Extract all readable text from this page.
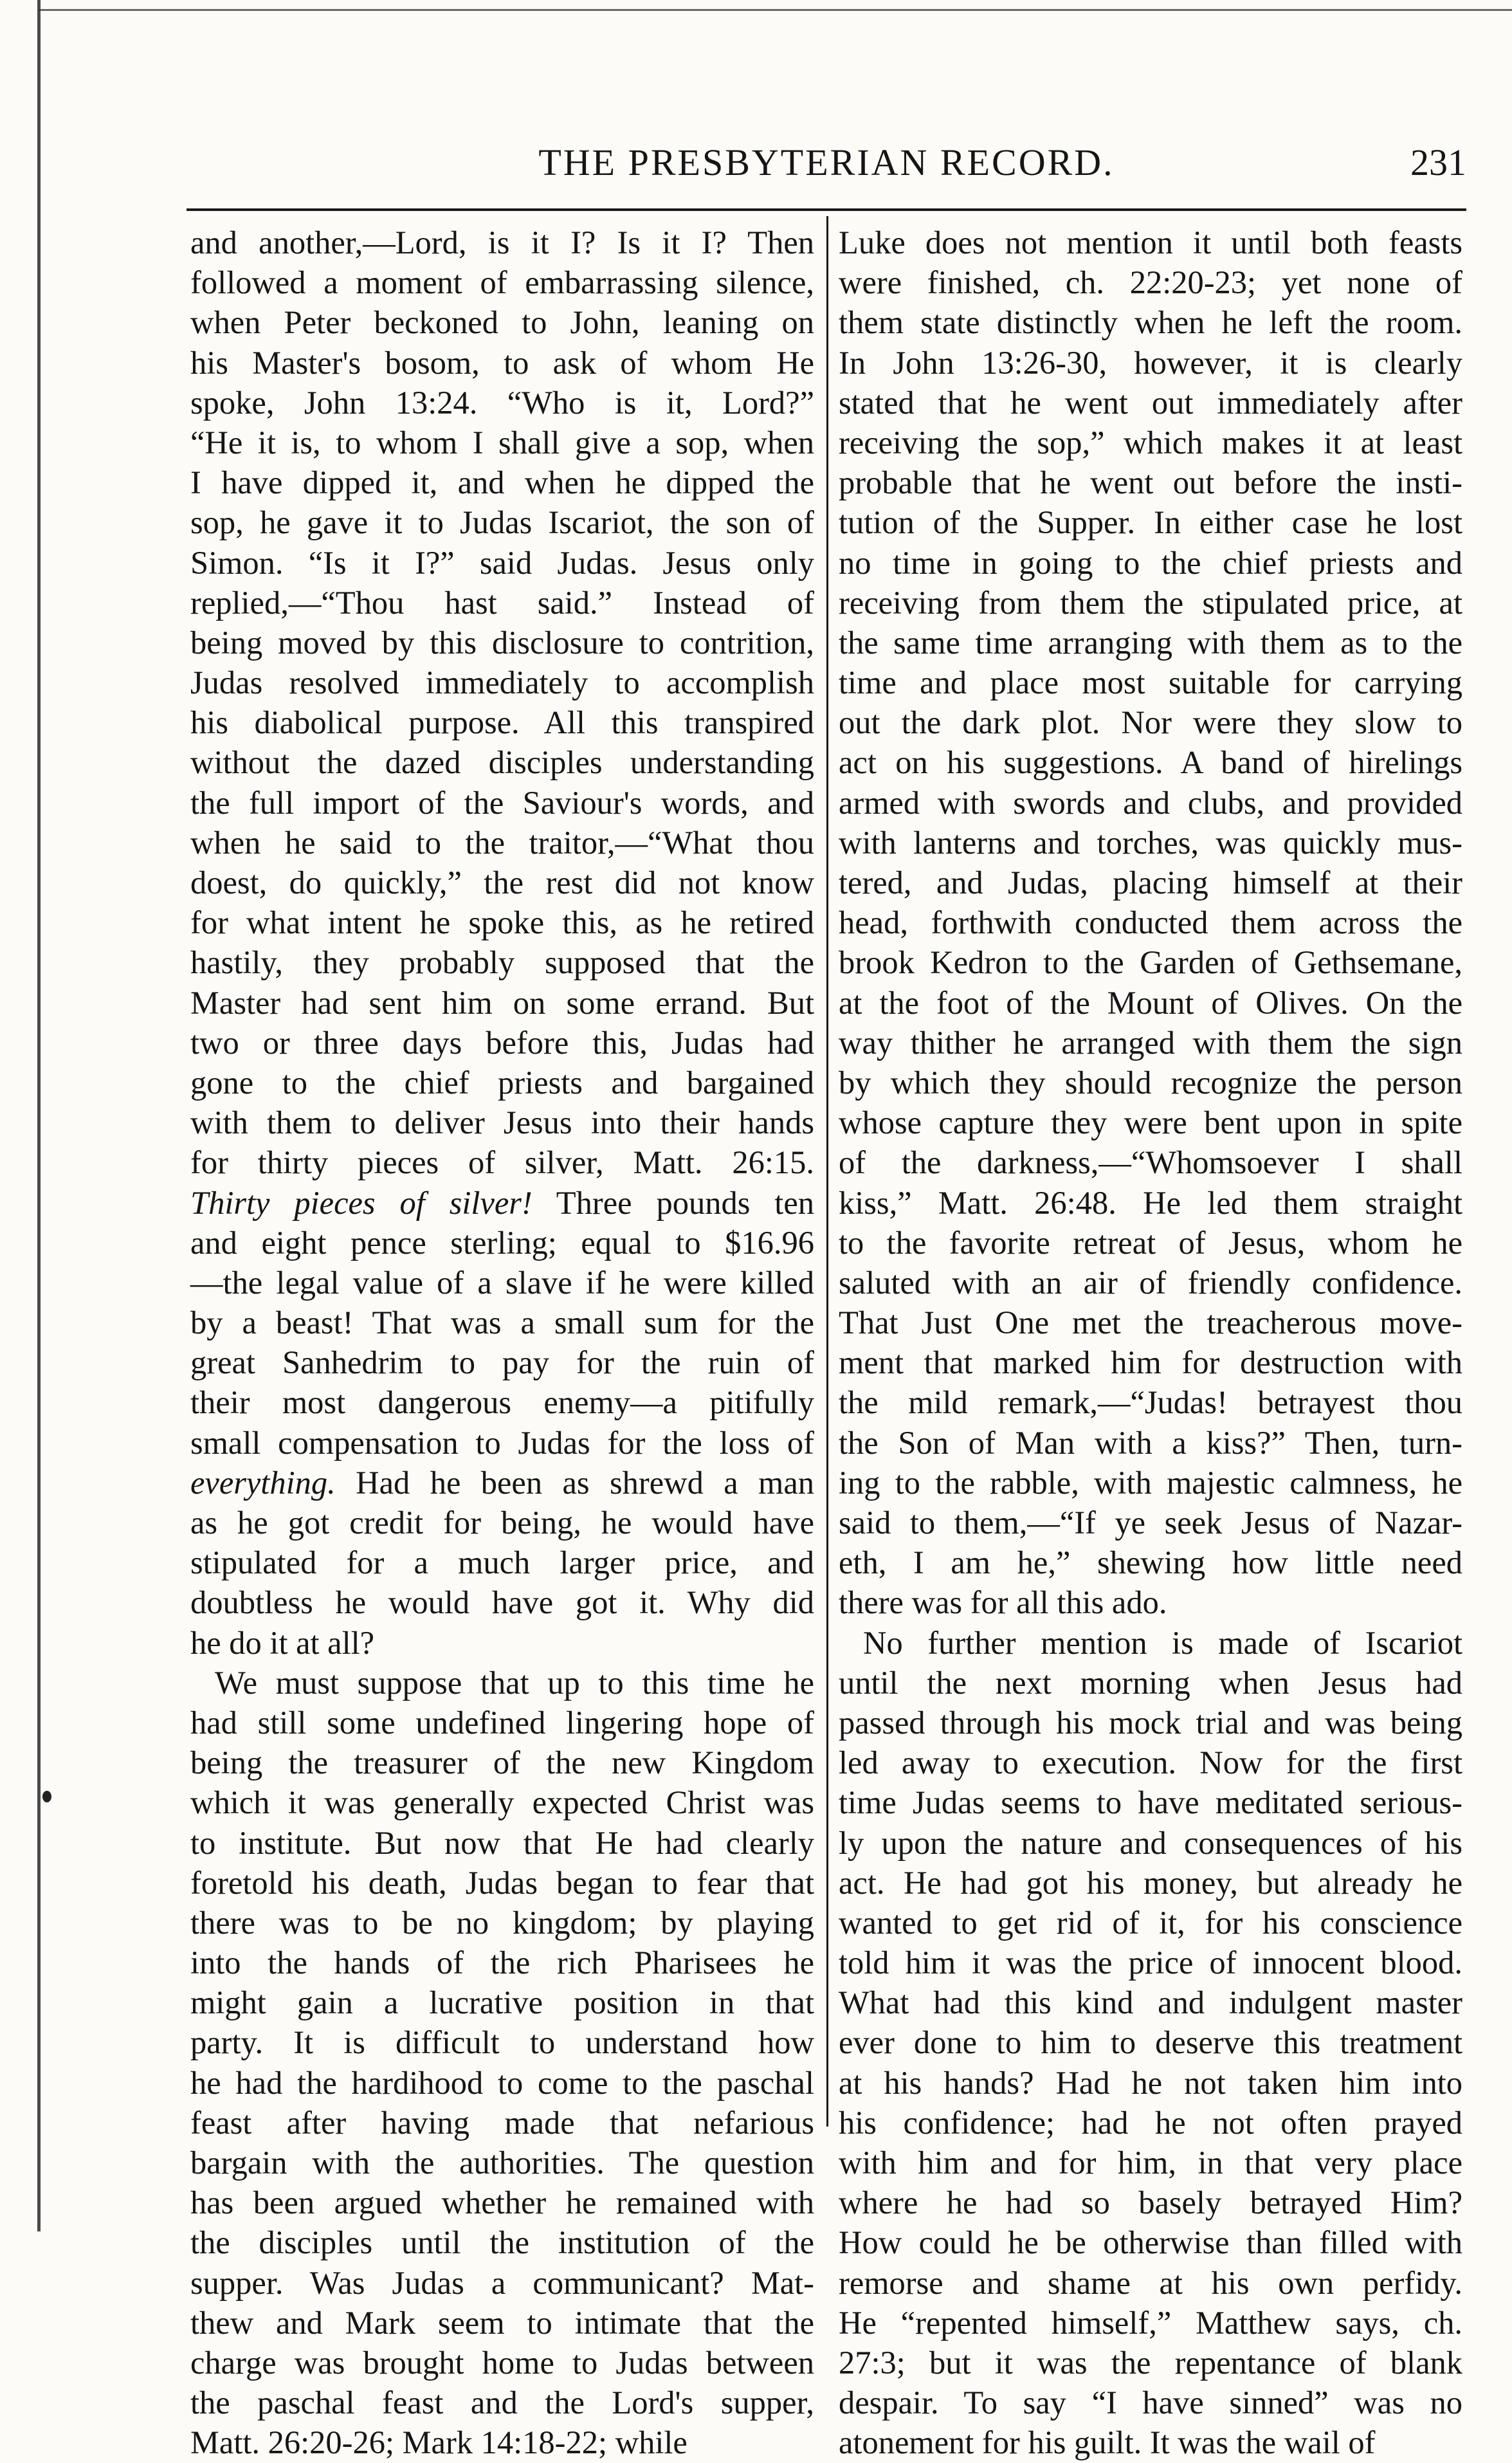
THE PRESBYTERIAN RECORD.	231
and another,—Lord, is it I? Is it I? Then
followed a moment of embarrassing silence,
when Peter beckoned to John, leaning on
his Master's bosom, to ask of whom He
spoke, John 13:24. “Who is it, Lord?”
“He it is, to whom I shall give a sop, when
I have dipped it, and when he dipped the
sop, he gave it to Judas Iscariot, the son of
Simon. “Is it I?” said Judas. Jesus only
replied,—“Thou hast said.” Instead of
being moved by this disclosure to contrition,
Judas resolved immediately to accomplish
his diabolical purpose. All this transpired
without the dazed disciples understanding
the full import of the Saviour's words, and
when he said to the traitor,—“What thou
doest, do quickly,” the rest did not know
for what intent he spoke this, as he retired
hastily, they probably supposed that the
Master had sent him on some errand. But
two or three days before this, Judas had
gone to the chief priests and bargained
with them to deliver Jesus into their hands
for thirty pieces of silver, Matt. 26:15.
Thirty pieces of silver! Three pounds ten
and eight pence sterling; equal to $16.96
—the legal value of a slave if he were killed
by a beast! That was a small sum for the
great Sanhedrim to pay for the ruin of
their most dangerous enemy—a pitifully
small compensation to Judas for the loss of
everything. Had he been as shrewd a man
as he got credit for being, he would have
stipulated for a much larger price, and
doubtless he would have got it. Why did
he do it at all?
We must suppose that up to this time he
had still some undefined lingering hope of
being the treasurer of the new Kingdom
which it was generally expected Christ was
to institute. But now that He had clearly
foretold his death, Judas began to fear that
there was to be no kingdom; by playing
into the hands of the rich Pharisees he
might gain a lucrative position in that
party. It is difficult to understand how
he had the hardihood to come to the paschal
feast after having made that nefarious
bargain with the authorities. The question
has been argued whether he remained with
the disciples until the institution of the
supper. Was Judas a communicant? Mat-
thew and Mark seem to intimate that the
charge was brought home to Judas between
the paschal feast and the Lord's supper,
Matt. 26:20-26; Mark 14:18-22; while
Luke does not mention it until both feasts
were finished, ch. 22:20-23; yet none of
them state distinctly when he left the room.
In John 13:26-30, however, it is clearly
stated that he went out immediately after
receiving the sop,” which makes it at least
probable that he went out before the insti-
tution of the Supper. In either case he lost
no time in going to the chief priests and
receiving from them the stipulated price, at
the same time arranging with them as to the
time and place most suitable for carrying
out the dark plot. Nor were they slow to
act on his suggestions. A band of hirelings
armed with swords and clubs, and provided
with lanterns and torches, was quickly mus-
tered, and Judas, placing himself at their
head, forthwith conducted them across the
brook Kedron to the Garden of Gethsemane,
at the foot of the Mount of Olives. On the
way thither he arranged with them the sign
by which they should recognize the person
whose capture they were bent upon in spite
of the darkness,—“Whomsoever I shall
kiss,” Matt. 26:48. He led them straight
to the favorite retreat of Jesus, whom he
saluted with an air of friendly confidence.
That Just One met the treacherous move-
ment that marked him for destruction with
the mild remark,—“Judas! betrayest thou
the Son of Man with a kiss?” Then, turn-
ing to the rabble, with majestic calmness, he
said to them,—“If ye seek Jesus of Nazar-
eth, I am he,” shewing how little need
there was for all this ado.
No further mention is made of Iscariot
until the next morning when Jesus had
passed through his mock trial and was being
led away to execution. Now for the first
time Judas seems to have meditated serious-
ly upon the nature and consequences of his
act. He had got his money, but already he
wanted to get rid of it, for his conscience
told him it was the price of innocent blood.
What had this kind and indulgent master
ever done to him to deserve this treatment
at his hands? Had he not taken him into
his confidence; had he not often prayed
with him and for him, in that very place
where he had so basely betrayed Him?
How could he be otherwise than filled with
remorse and shame at his own perfidy.
He “repented himself,” Matthew says, ch.
27:3; but it was the repentance of blank
despair. To say “I have sinned” was no
atonement for his guilt. It was the wail of
